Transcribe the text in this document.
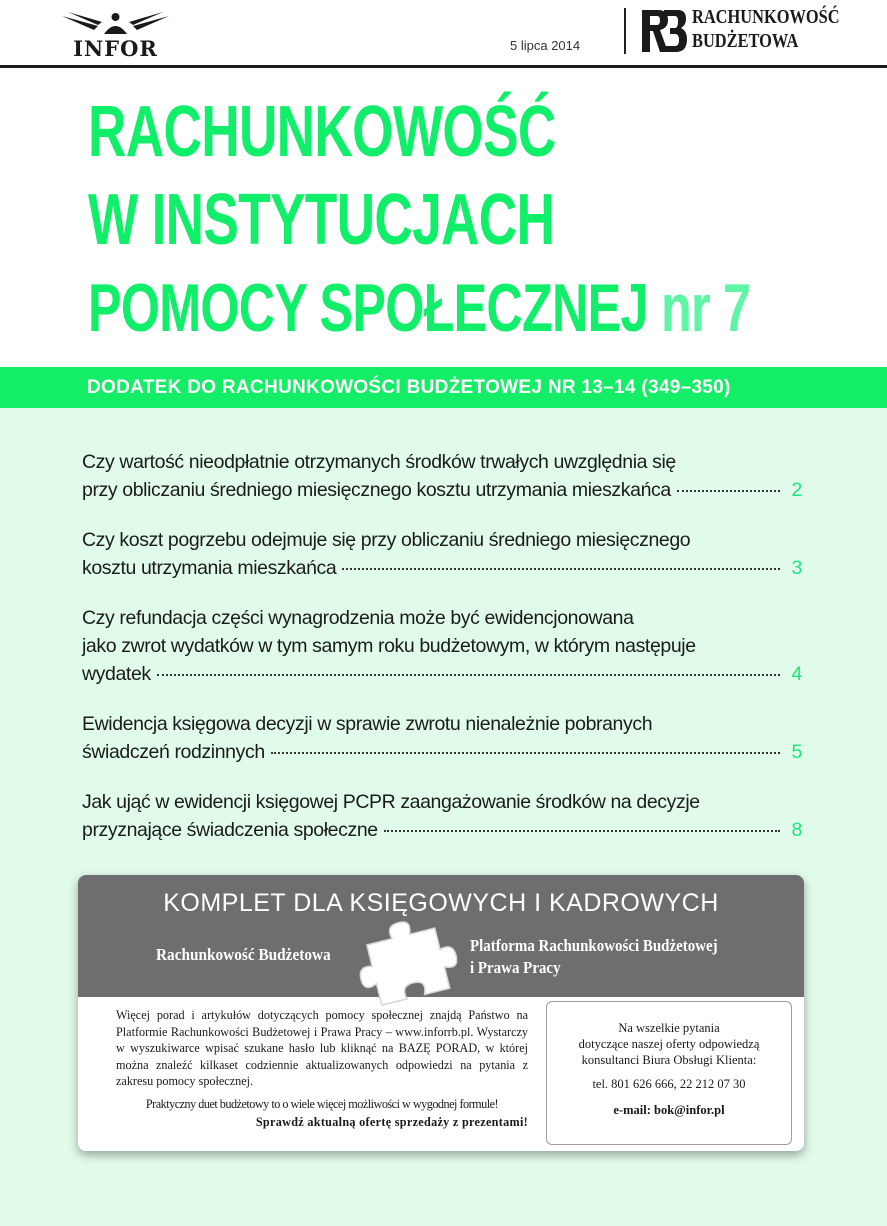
INFOR	5 lipca 2014
RACHUNKOWOŚĆ
BUDŻETOWA
RACHUNKOWOŚĆ
W INSTYTUCJACH
POMOCY SPOŁECZNEJ nr 7

DODATEK DO RACHUNKOWOŚCI BUDŻETOWEJ NR 13–14 (349–350)

Czy wartość nieodpłatnie otrzymanych środków trwałych uwzględnia się
przy obliczaniu średniego miesięcznego kosztu utrzymania mieszkańca	2
Czy koszt pogrzebu odejmuje się przy obliczaniu średniego miesięcznego
kosztu utrzymania mieszkańca	3
Czy refundacja części wynagrodzenia może być ewidencjonowana
jako zwrot wydatków w tym samym roku budżetowym, w którym następuje
wydatek	4
Ewidencja księgowa decyzji w sprawie zwrotu nienależnie pobranych
świadczeń rodzinnych	5
Jak ująć w ewidencji księgowej PCPR zaangażowanie środków na decyzje
przyznające świadczenia społeczne	8

KOMPLET DLA KSIĘGOWYCH I KADROWYCH

Rachunkowość Budżetowa	Platforma Rachunkowości Budżetowej
i Prawa Pracy
Więcej porad i artykułów dotyczących pomocy społecznej znajdą Państwo na Platformie Rachunkowości Budżetowej i Prawa Pracy – www.inforrb.pl. Wystarczy w wyszukiwarce wpisać szukane hasło lub kliknąć na BAZĘ PORAD, w której można znaleźć kilkaset codziennie aktualizowanych odpowiedzi na pytania z zakresu pomocy społecznej.
Praktyczny duet budżetowy to o wiele więcej możliwości w wygodnej formule!
Sprawdź aktualną ofertę sprzedaży z prezentami!
Na wszelkie pytania
dotyczące naszej oferty odpowiedzą
konsultanci Biura Obsługi Klienta:
tel. 801 626 666, 22 212 07 30
e-mail: bok@infor.pl
